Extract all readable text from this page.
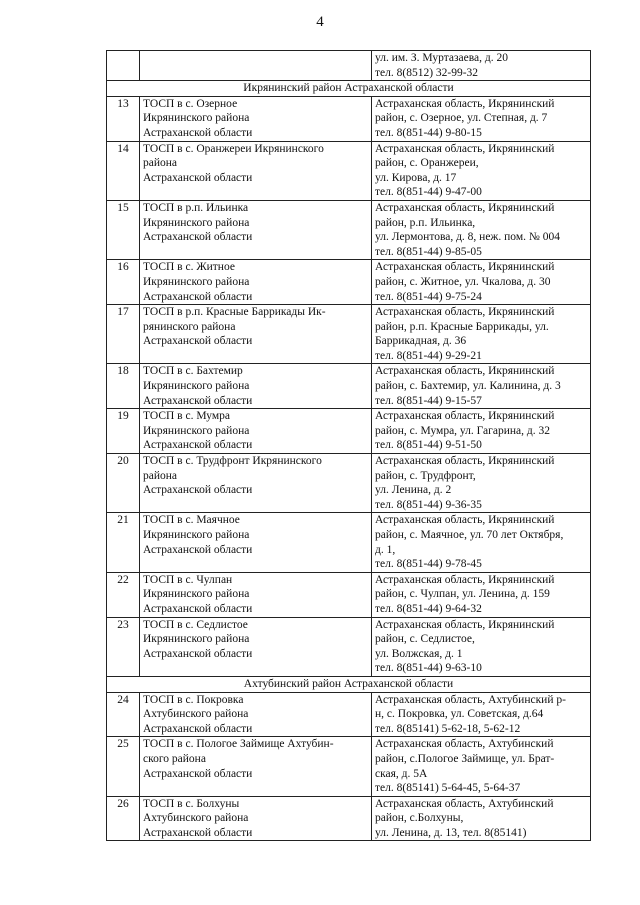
4

		ул. им. З. Муртазаева, д. 20
тел. 8(8512) 32-99-32

Икрянинский район Астраханской области		
13	ТОСП в с. Озерное
Икрянинского района
Астраханской области	Астраханская область, Икрянинский
район, с. Озерное, ул. Степная, д. 7
тел. 8(851-44) 9-80-15

14	ТОСП в с. Оранжереи Икрянинского
района
Астраханской области	Астраханская область, Икрянинский
район, с. Оранжереи,
ул. Кирова, д. 17
тел. 8(851-44) 9-47-00

15	ТОСП в р.п. Ильинка
Икрянинского района
Астраханской области	Астраханская область, Икрянинский
район, р.п. Ильинка,
ул. Лермонтова, д. 8, неж. пом. № 004
тел. 8(851-44) 9-85-05

16	ТОСП в с. Житное
Икрянинского района
Астраханской области	Астраханская область, Икрянинский
район, с. Житное, ул. Чкалова, д. 30
тел. 8(851-44) 9-75-24

17	ТОСП в р.п. Красные Баррикады Ик-
рянинского района
Астраханской области	Астраханская область, Икрянинский
район, р.п. Красные Баррикады, ул.
Баррикадная, д. 36
тел. 8(851-44) 9-29-21

18	ТОСП в с. Бахтемир
Икрянинского района
Астраханской области	Астраханская область, Икрянинский
район, с. Бахтемир, ул. Калинина, д. 3
тел. 8(851-44) 9-15-57

19	ТОСП в с. Мумра
Икрянинского района
Астраханской области	Астраханская область, Икрянинский
район, с. Мумра, ул. Гагарина, д. 32
тел. 8(851-44) 9-51-50

20	ТОСП в с. Трудфронт Икрянинского
района
Астраханской области	Астраханская область, Икрянинский
район, с. Трудфронт,
ул. Ленина, д. 2
тел. 8(851-44) 9-36-35

21	ТОСП в с. Маячное
Икрянинского района
Астраханской области	Астраханская область, Икрянинский
район, с. Маячное, ул. 70 лет Октября,
д. 1,
тел. 8(851-44) 9-78-45

22	ТОСП в с. Чулпан
Икрянинского района
Астраханской области	Астраханская область, Икрянинский
район, с. Чулпан, ул. Ленина, д. 159
тел. 8(851-44) 9-64-32

23	ТОСП в с. Седлистое
Икрянинского района
Астраханской области	Астраханская область, Икрянинский
район, с. Седлистое,
ул. Волжская, д. 1
тел. 8(851-44) 9-63-10

Ахтубинский район Астраханской области		
24	ТОСП в с. Покровка
Ахтубинского района
Астраханской области	Астраханская область, Ахтубинский р-
н, с. Покровка, ул. Советская, д.64
тел. 8(85141) 5-62-18, 5-62-12

25	ТОСП в с. Пологое Займище Ахтубин-
ского района
Астраханской области	Астраханская область, Ахтубинский
район, с.Пологое Займище, ул. Брат-
ская, д. 5А
тел. 8(85141) 5-64-45, 5-64-37

26	ТОСП в с. Болхуны
Ахтубинского района
Астраханской области	Астраханская область, Ахтубинский
район, с.Болхуны,
ул. Ленина, д. 13, тел. 8(85141)
